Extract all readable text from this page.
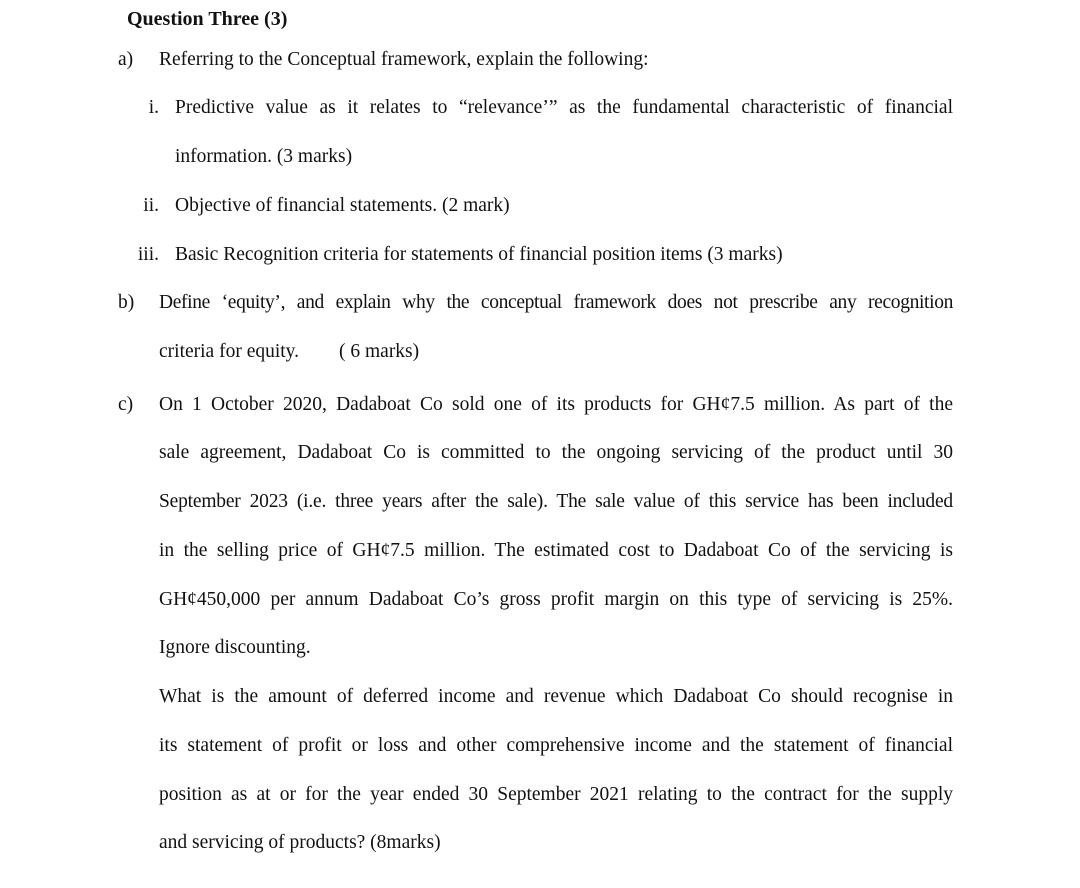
Question Three (3)
a) Referring to the Conceptual framework, explain the following:
i. Predictive value as it relates to “relevance’” as the fundamental characteristic of financial
information. (3 marks)
ii. Objective of financial statements. (2 mark)
iii. Basic Recognition criteria for statements of financial position items (3 marks)
b) Define ‘equity’, and explain why the conceptual framework does not prescribe any recognition
criteria for equity. ( 6 marks)
c) On 1 October 2020, Dadaboat Co sold one of its products for GH¢7.5 million. As part of the
sale agreement, Dadaboat Co is committed to the ongoing servicing of the product until 30
September 2023 (i.e. three years after the sale). The sale value of this service has been included
in the selling price of GH¢7.5 million. The estimated cost to Dadaboat Co of the servicing is
GH¢450,000 per annum Dadaboat Co’s gross profit margin on this type of servicing is 25%.
Ignore discounting.
What is the amount of deferred income and revenue which Dadaboat Co should recognise in
its statement of profit or loss and other comprehensive income and the statement of financial
position as at or for the year ended 30 September 2021 relating to the contract for the supply
and servicing of products? (8marks)
